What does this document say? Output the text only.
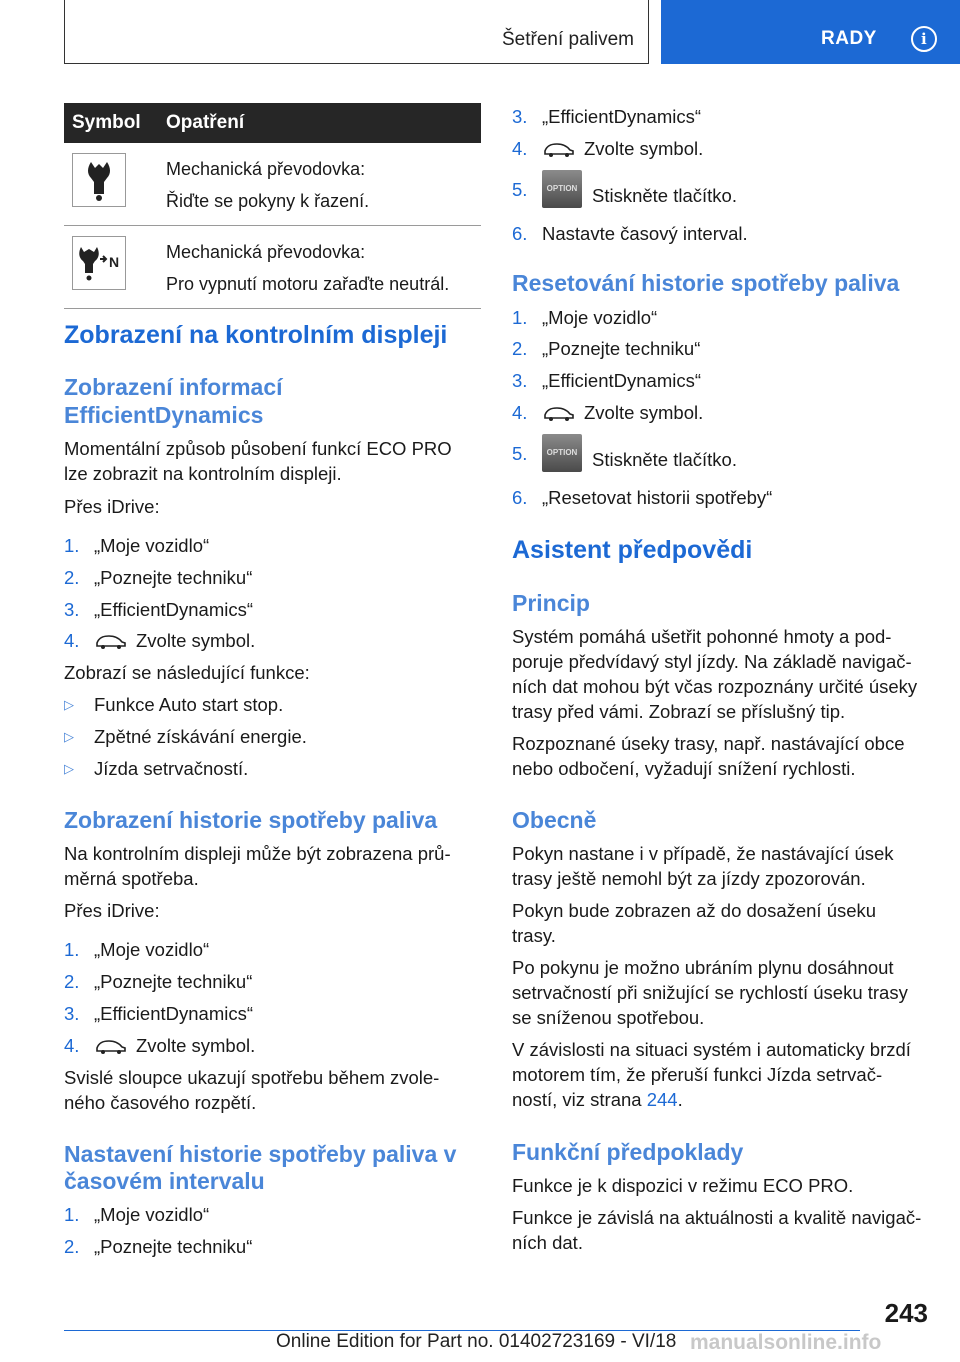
Šetření palivem	RADY	i
Symbol	Opatření

Mechanická převodovka:
Řiďte se pokyny k řazení.

N	Mechanická převodovka:
Pro vypnutí motoru zařaďte neutrál.
Zobrazení na kontrolním displeji
Zobrazení informací
EfficientDynamics

Momentální způsob působení funkcí ECO PRO

lze zobrazit na kontrolním displeji.

Přes iDrive:

1. „Moje vozidlo“
2. „Poznejte techniku“
3. „EfficientDynamics“
4.	Zvolte symbol.

Zobrazí se následující funkce:

▷	Funkce Auto start stop.
▷	Zpětné získávání energie.
▷	Jízda setrvačností.
Zobrazení historie spotřeby paliva

Na kontrolním displeji může být zobrazena prů‐

měrná spotřeba.

Přes iDrive:

1. „Moje vozidlo“
2. „Poznejte techniku“
3. „EfficientDynamics“
4.	Zvolte symbol.

Svislé sloupce ukazují spotřebu během zvole‐

ného časového rozpětí.

Nastavení historie spotřeby paliva v
časovém intervalu
1. „Moje vozidlo“
2. „Poznejte techniku“
3. „EfficientDynamics“
4.	Zvolte symbol.
5.	OPTION Stiskněte tlačítko.
6. Nastavte časový interval.
Resetování historie spotřeby paliva
1. „Moje vozidlo“
2. „Poznejte techniku“
3. „EfficientDynamics“
4.	Zvolte symbol.
5.	OPTION Stiskněte tlačítko.
6. „Resetovat historii spotřeby“
Asistent předpovědi
Princip

Systém pomáhá ušetřit pohonné hmoty a pod‐

poruje předvídavý styl jízdy. Na základě navigač‐

ních dat mohou být včas rozpoznány určité úseky

trasy před vámi. Zobrazí se příslušný tip.

Rozpoznané úseky trasy, např. nastávající obce

nebo odbočení, vyžadují snížení rychlosti.

Obecně

Pokyn nastane i v případě, že nastávající úsek

trasy ještě nemohl být za jízdy zpozorován.

Pokyn bude zobrazen až do dosažení úseku

trasy.

Po pokynu je možno ubráním plynu dosáhnout

setrvačností při snižující se rychlostí úseku trasy

se sníženou spotřebou.

V závislosti na situaci systém i automaticky brzdí

motorem tím, že přeruší funkci Jízda setrvač‐

ností, viz strana 244.

Funkční předpoklady

Funkce je k dispozici v režimu ECO PRO.

Funkce je závislá na aktuálnosti a kvalitě navigač‐

ních dat.

243
Online Edition for Part no. 01402723169 - VI/18 manualsonline.info
